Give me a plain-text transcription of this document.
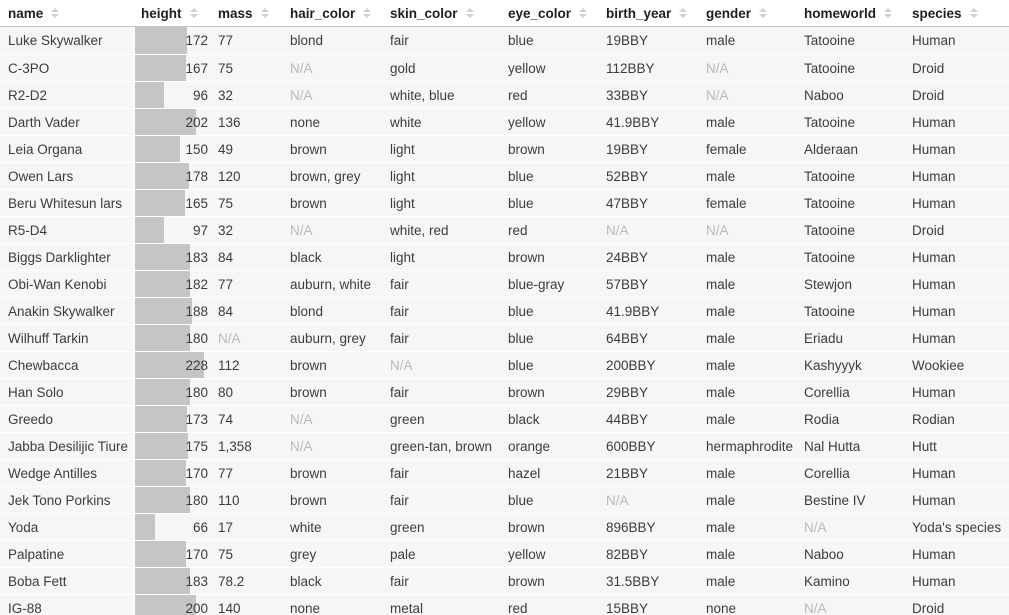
name	height	mass	hair_color	skin_color	eye_color	birth_year	gender	homeworld	species

Luke Skywalker	172	77	blond	fair	blue	19BBY	male	Tatooine	Human
C-3PO	167	75	N/A	gold	yellow	112BBY	N/A	Tatooine	Droid
R2-D2	96	32	N/A	white, blue	red	33BBY	N/A	Naboo	Droid
Darth Vader	202	136	none	white	yellow	41.9BBY	male	Tatooine	Human
Leia Organa	150	49	brown	light	brown	19BBY	female	Alderaan	Human
Owen Lars	178	120	brown, grey	light	blue	52BBY	male	Tatooine	Human
Beru Whitesun lars	165	75	brown	light	blue	47BBY	female	Tatooine	Human
R5-D4	97	32	N/A	white, red	red	N/A	N/A	Tatooine	Droid
Biggs Darklighter	183	84	black	light	brown	24BBY	male	Tatooine	Human
Obi-Wan Kenobi	182	77	auburn, white	fair	blue-gray	57BBY	male	Stewjon	Human
Anakin Skywalker	188	84	blond	fair	blue	41.9BBY	male	Tatooine	Human
Wilhuff Tarkin	180	N/A	auburn, grey	fair	blue	64BBY	male	Eriadu	Human
Chewbacca	228	112	brown	N/A	blue	200BBY	male	Kashyyyk	Wookiee
Han Solo	180	80	brown	fair	brown	29BBY	male	Corellia	Human
Greedo	173	74	N/A	green	black	44BBY	male	Rodia	Rodian
Jabba Desilijic Tiure	175	1,358	N/A	green-tan, brown	orange	600BBY	hermaphrodite	Nal Hutta	Hutt
Wedge Antilles	170	77	brown	fair	hazel	21BBY	male	Corellia	Human
Jek Tono Porkins	180	110	brown	fair	blue	N/A	male	Bestine IV	Human
Yoda	66	17	white	green	brown	896BBY	male	N/A	Yoda's species
Palpatine	170	75	grey	pale	yellow	82BBY	male	Naboo	Human
Boba Fett	183	78.2	black	fair	brown	31.5BBY	male	Kamino	Human
IG-88	200	140	none	metal	red	15BBY	none	N/A	Droid
